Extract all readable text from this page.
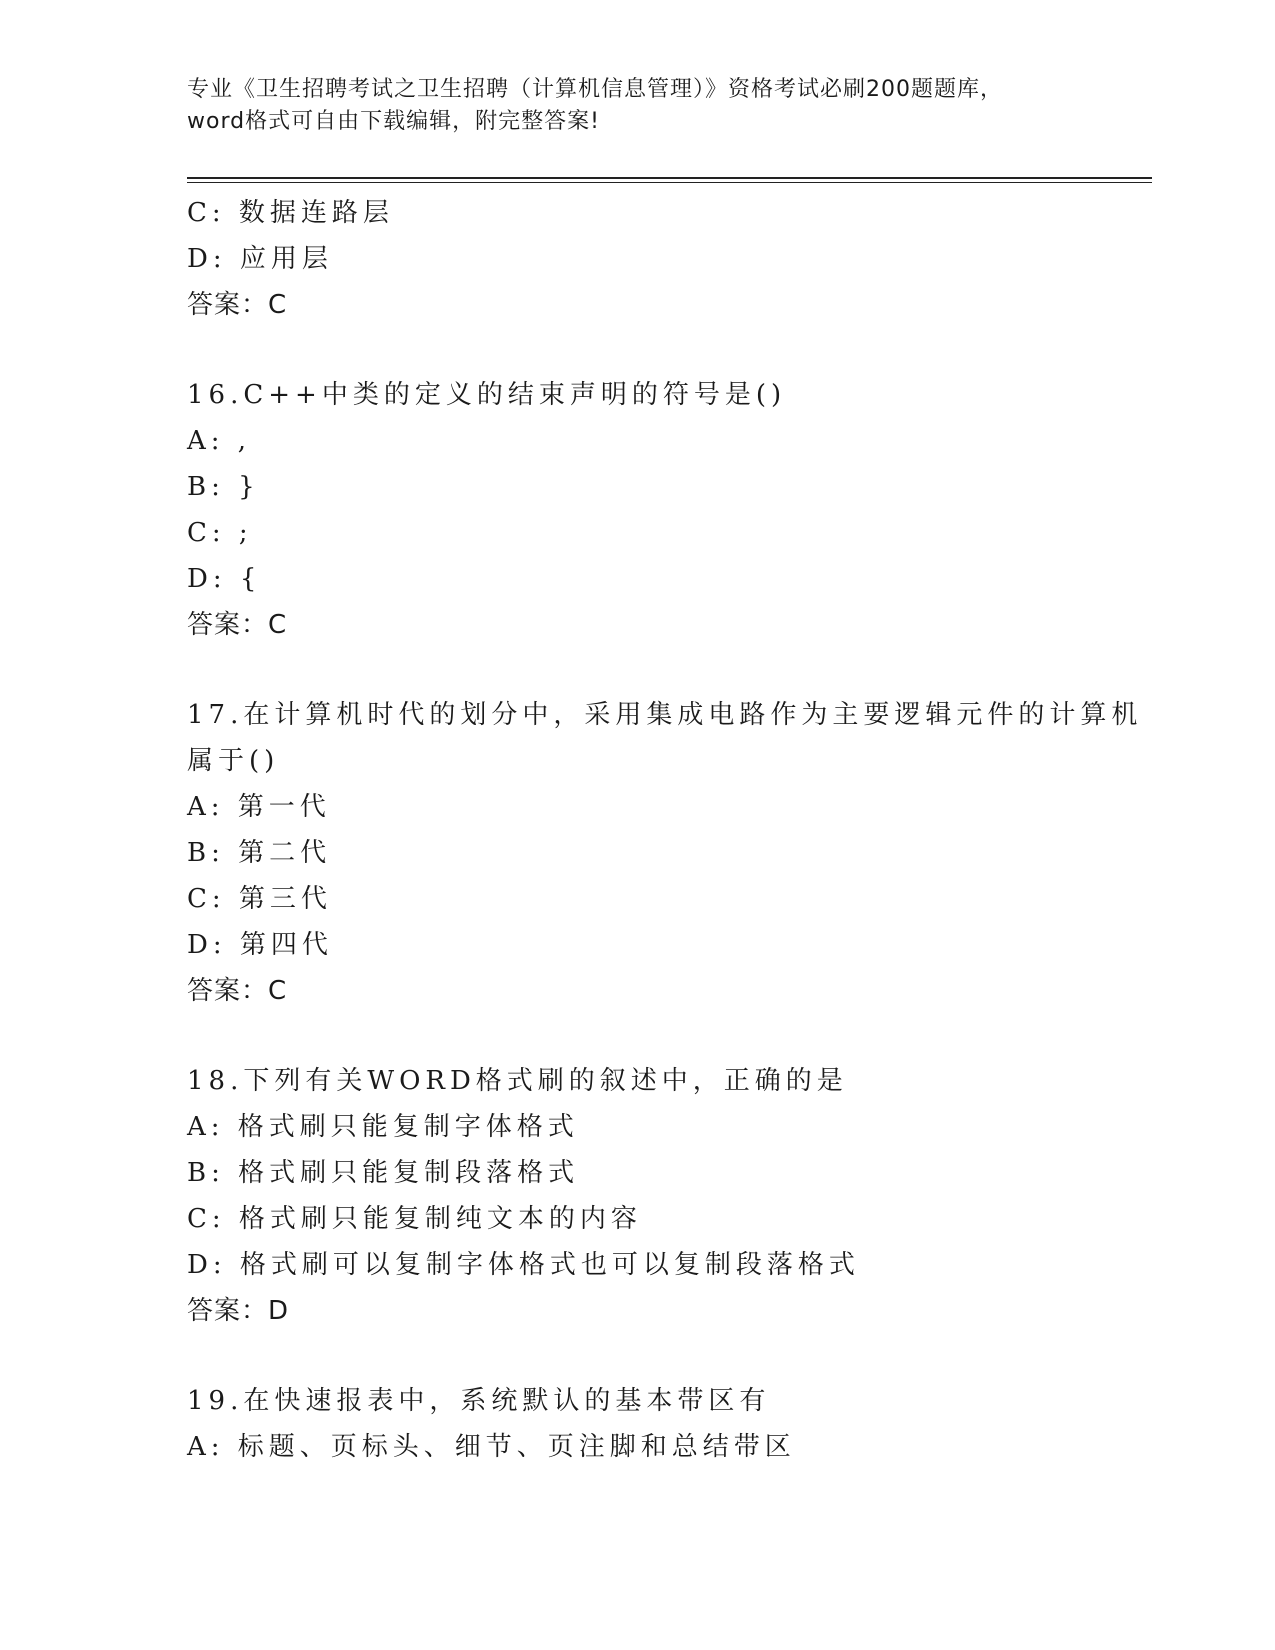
专业《卫生招聘考试之卫生招聘（计算机信息管理）》资格考试必刷200题题库，
word格式可自由下载编辑，附完整答案!
C: 数据连路层
D: 应用层
答案：C
16.C++中类的定义的结束声明的符号是()
A: ,
B: }
C: ;
D: {
答案：C
17.在计算机时代的划分中，采用集成电路作为主要逻辑元件的计算机
属于()
A: 第一代
B: 第二代
C: 第三代
D: 第四代
答案：C
18.下列有关WORD格式刷的叙述中，正确的是
A: 格式刷只能复制字体格式
B: 格式刷只能复制段落格式
C: 格式刷只能复制纯文本的内容
D: 格式刷可以复制字体格式也可以复制段落格式
答案：D
19.在快速报表中，系统默认的基本带区有
A: 标题、页标头、细节、页注脚和总结带区
